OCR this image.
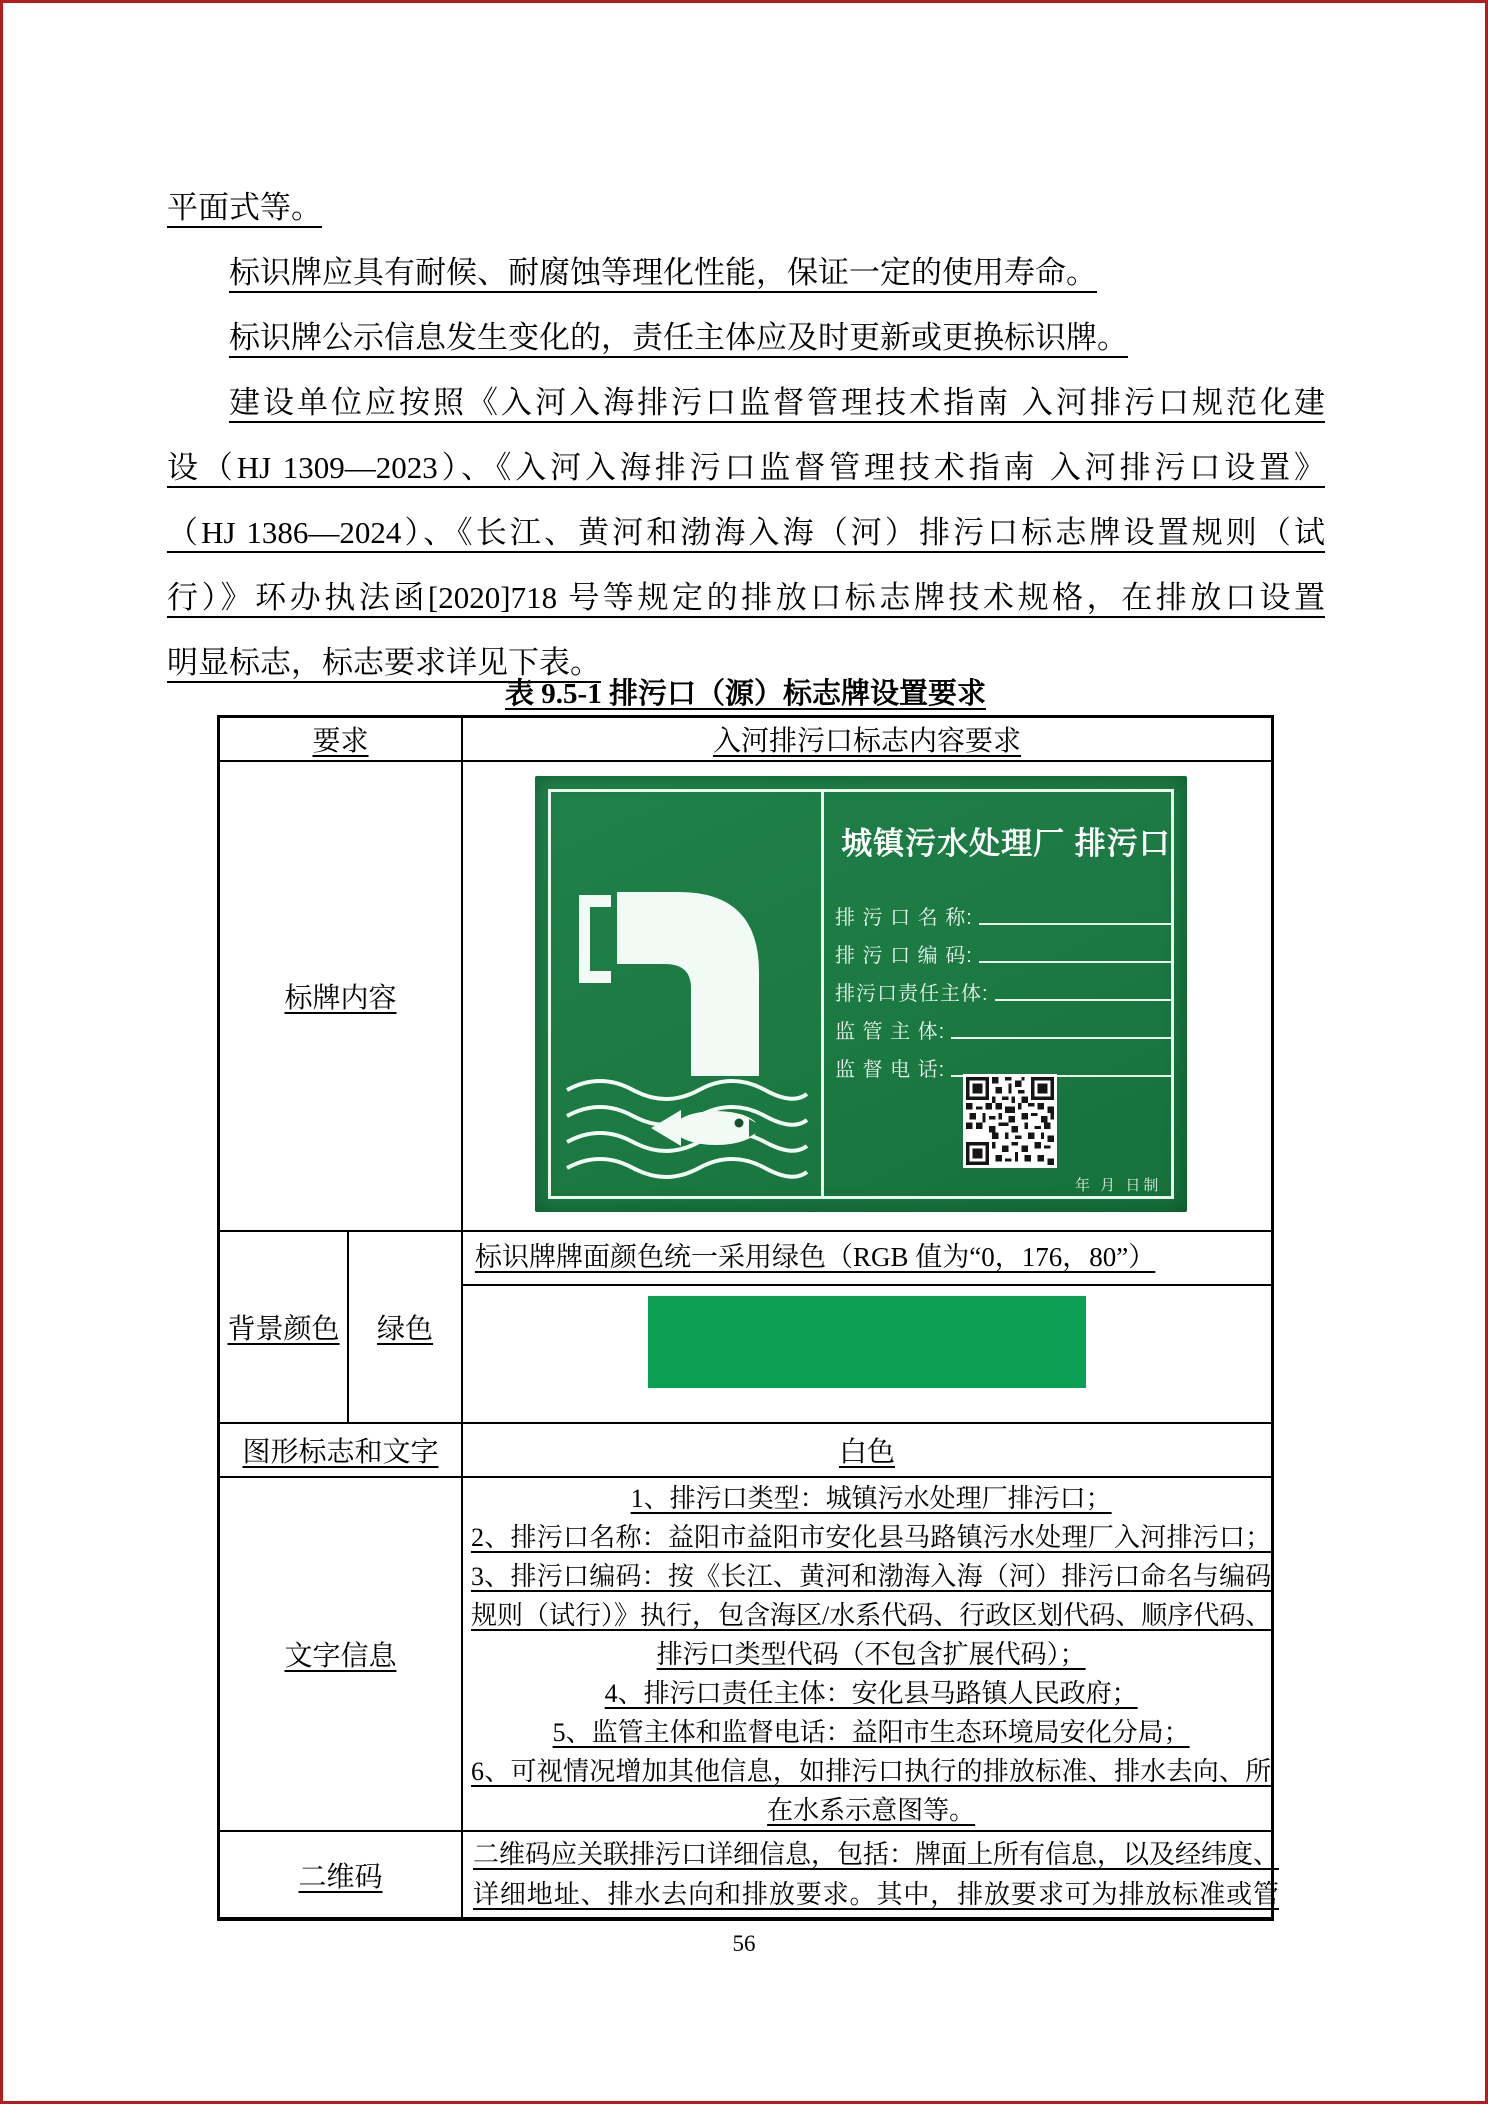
平面式等。
标识牌应具有耐候、耐腐蚀等理化性能，保证一定的使用寿命。
标识牌公示信息发生变化的，责任主体应及时更新或更换标识牌。
建设单位应按照《入河入海排污口监督管理技术指南 入河排污口规范化建
设（HJ 1309—2023）、《入河入海排污口监督管理技术指南 入河排污口设置》
（HJ 1386—2024）、《长江、黄河和渤海入海（河）排污口标志牌设置规则（试
行）》环办执法函[2020]718 号等规定的排放口标志牌技术规格，在排放口设置
明显标志，标志要求详见下表。
表 9.5-1 排污口（源）标志牌设置要求
要求	入河排污口标志内容要求
标牌内容
城镇污水处理厂 排污口
排 污 口 名 称:
排 污 口 编 码:
排污口责任主体:
监 管 主 体:
监 督 电 话:
年 月 日制
背景颜色 绿色
标识牌牌面颜色统一采用绿色（RGB 值为“0，176，80”）
图形标志和文字	白色
文字信息
1、排污口类型：城镇污水处理厂排污口；
2、排污口名称：益阳市益阳市安化县马路镇污水处理厂入河排污口；
3、排污口编码：按《长江、黄河和渤海入海（河）排污口命名与编码
规则（试行）》执行，包含海区/水系代码、行政区划代码、顺序代码、
排污口类型代码（不包含扩展代码）；
4、排污口责任主体：安化县马路镇人民政府；
5、监管主体和监督电话：益阳市生态环境局安化分局；
6、可视情况增加其他信息，如排污口执行的排放标准、排水去向、所
在水系示意图等。
二维码
二维码应关联排污口详细信息，包括：牌面上所有信息，以及经纬度、
详细地址、排水去向和排放要求。其中，排放要求可为排放标准或管
56
